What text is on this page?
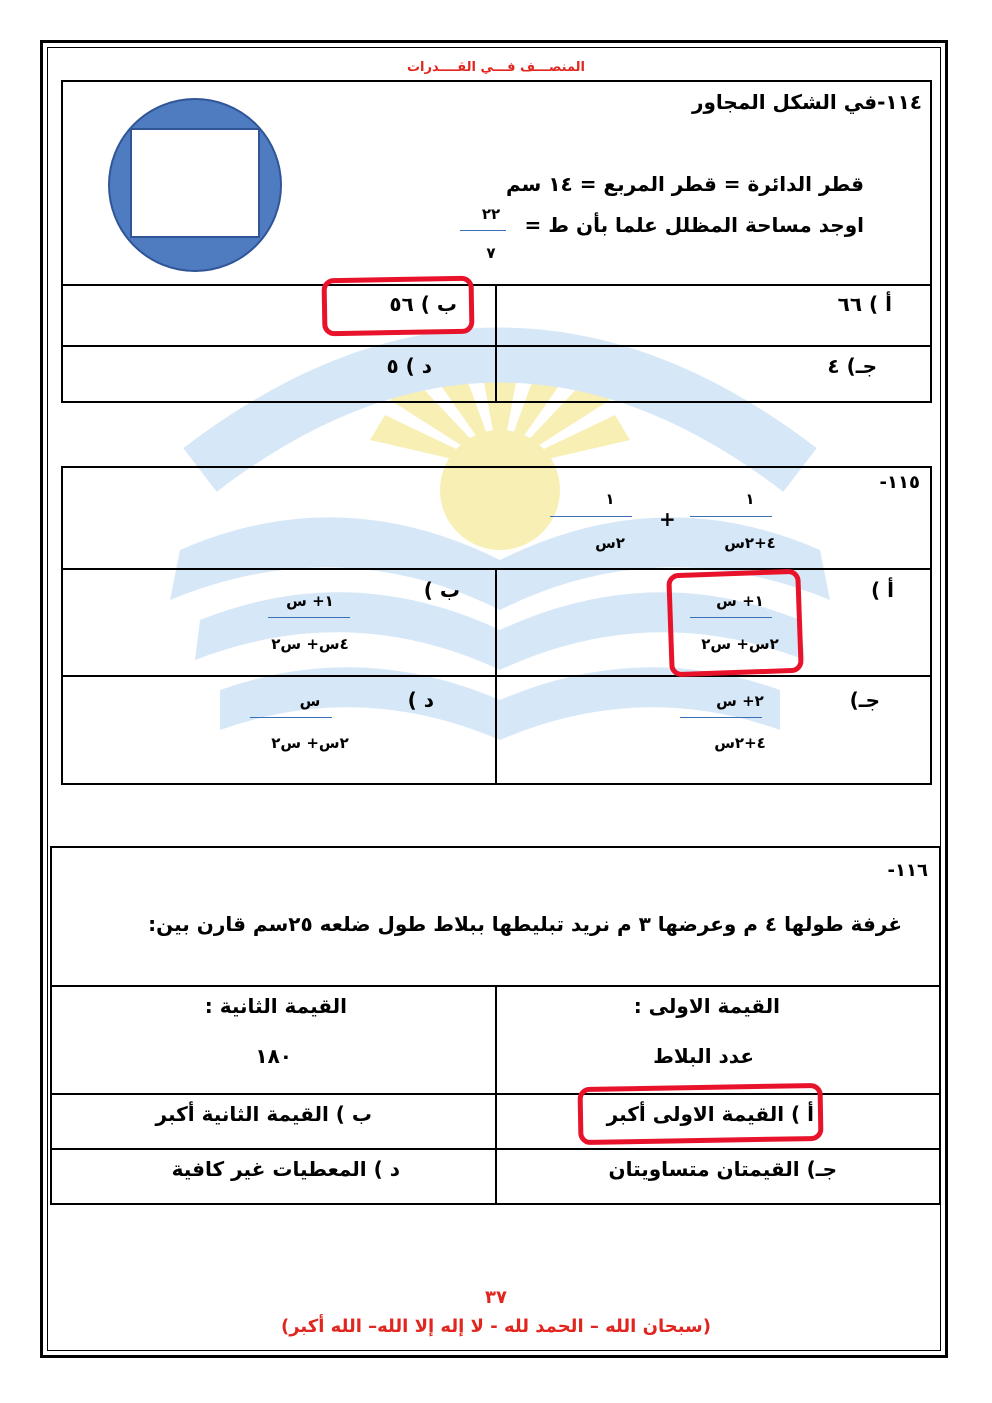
المنصـــف فـــي القــــدرات
١١٤-في الشكل المجاور
قطر الدائرة = قطر المربع = ١٤ سم
اوجد مساحة المظلل علما بأن ط =
٢٢
٧
أ ) ٦٦
ب ) ٥٦
جـ) ٤
د ) ٥
١١٥-
١
٤+٢س
+
١
٢س
أ )
١+ س
٢س+ س٢
ب )
١+ س
٤س+ س٢
جـ)
٢+ س
٤+٢س
د )
س
٢س+ س٢
١١٦-
غرفة طولها ٤ م وعرضها ٣ م نريد تبليطها ببلاط طول ضلعه ٢٥سم قارن بين:
القيمة الاولى :
عدد البلاط
القيمة الثانية :
١٨٠
أ ) القيمة الاولى أكبر
ب ) القيمة الثانية أكبر
جـ) القيمتان متساويتان
د ) المعطيات غير كافية
٣٧
(سبحان الله – الحمد لله - لا إله إلا الله– الله أكبر)
